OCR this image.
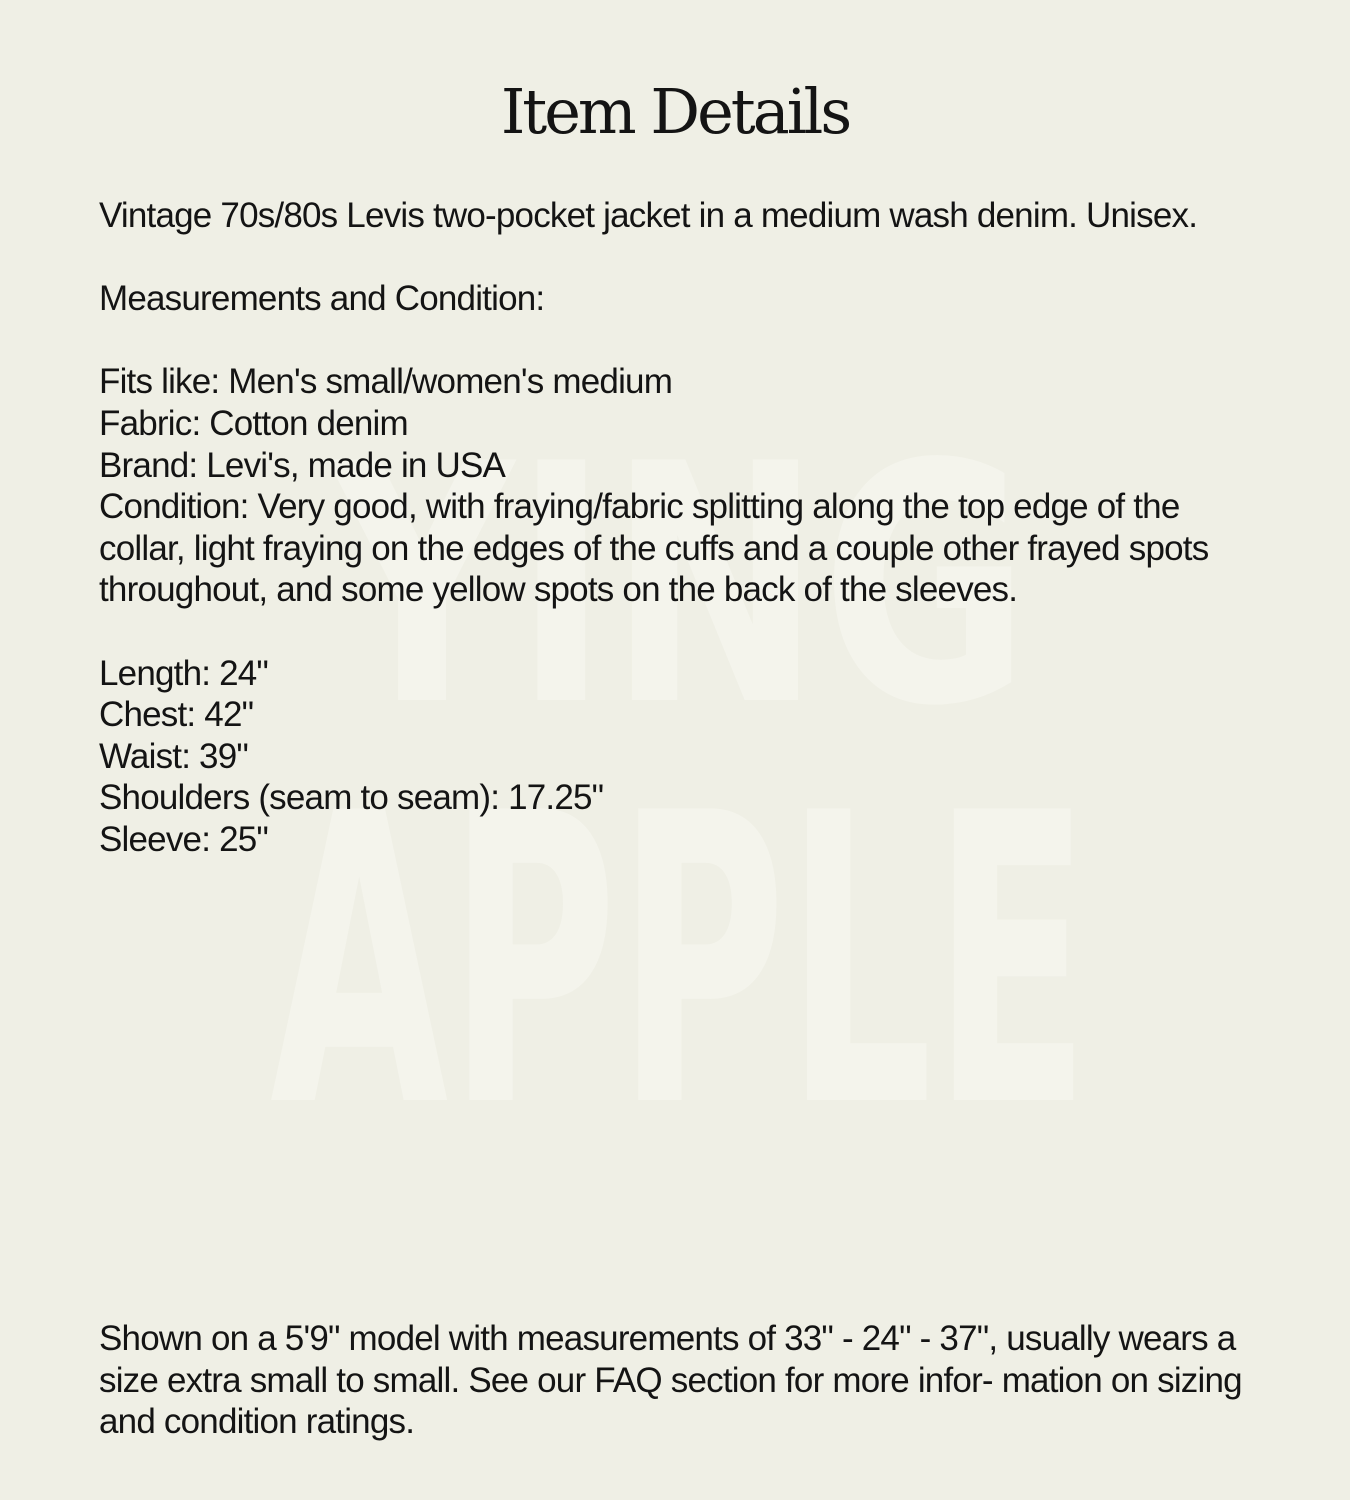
YING
APPLE
Item Details

Vintage 70s/80s Levis two-pocket jacket in a medium wash denim. Unisex.

Measurements and Condition:

Fits like: Men's small/women's medium

Fabric: Cotton denim

Brand: Levi's, made in USA

Condition: Very good, with fraying/fabric splitting along the top edge of the collar, light fraying on the edges of the cuffs and a couple other frayed spots throughout, and some yellow spots on the back of the sleeves.

Length: 24"

Chest: 42"

Waist: 39"

Shoulders (seam to seam): 17.25"

Sleeve: 25"

Shown on a 5'9" model with measurements of 33" - 24" - 37", usually wears a size extra small to small. See our FAQ section for more infor- mation on sizing and condition ratings.
